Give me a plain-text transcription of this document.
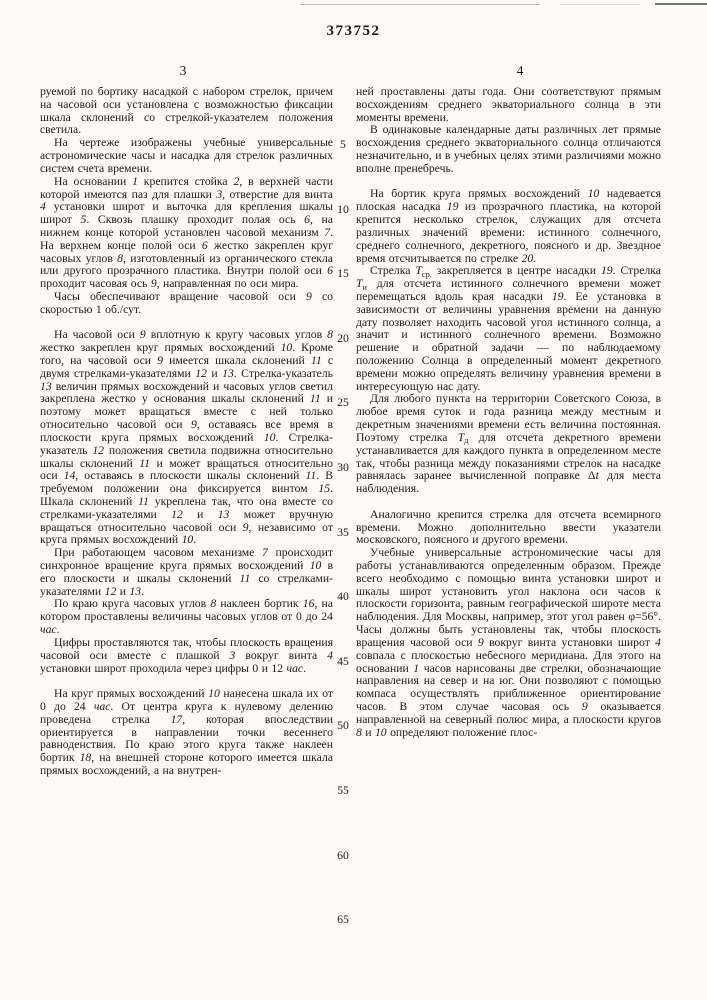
373752
3	4

руемой по бортику насадкой с набором стрелок, причем на часовой оси установлена с возможностью фиксации шкала склонений со стрелкой-указателем положения светила.

На чертеже изображены учебные универсальные астрономические часы и насадка для стрелок различных систем счета времени.

На основании 1 крепится стойка 2, в верхней части которой имеются паз для плашки 3, отверстие для винта 4 установки широт и выточка для крепления шкалы широт 5. Сквозь плашку проходит полая ось 6, на нижнем конце которой установлен часовой механизм 7. На верхнем конце полой оси 6 жестко закреплен круг часовых углов 8, изготовленный из органического стекла или другого прозрачного пластика. Внутри полой оси 6 проходит часовая ось 9, направленная по оси мира.

Часы обеспечивают вращение часовой оси 9 со скоростью 1 об./сут.

На часовой оси 9 вплотную к кругу часовых углов 8 жестко закреплен круг прямых восхождений 10. Кроме того, на часовой оси 9 имеется шкала склонений 11 с двумя стрелками-указателями 12 и 13. Стрелка-указатель 13 величин прямых восхождений и часовых углов светил закреплена жестко у основания шкалы склонений 11 и поэтому может вращаться вместе с ней только относительно часовой оси 9, оставаясь все время в плоскости круга прямых восхождений 10. Стрелка-указатель 12 положения светила подвижна относительно шкалы склонений 11 и может вращаться относительно оси 14, оставаясь в плоскости шкалы склонений 11. В требуемом положении она фиксируется винтом 15. Шкала склонений 11 укреплена так, что она вместе со стрелками-указателями 12 и 13 может вручную вращаться относительно часовой оси 9, независимо от круга прямых восхождений 10.

При работающем часовом механизме 7 происходит синхронное вращение круга прямых восхождений 10 в его плоскости и шкалы склонений 11 со стрелками-указателями 12 и 13.

По краю круга часовых углов 8 наклеен бортик 16, на котором проставлены величины часовых углов от 0 до 24 час.

Цифры проставляются так, чтобы плоскость вращения часовой оси вместе с плашкой 3 вокруг винта 4 установки широт проходила через цифры 0 и 12 час.

На круг прямых восхождений 10 нанесена шкала их от 0 до 24 час. От центра круга к нулевому делению проведена стрелка 17, которая впоследствии ориентируется в направлении точки весеннего равноденствия. По краю этого круга также наклеен бортик 18, на внешней стороне которого имеется шкала прямых восхождений, а на внутрен-

ней проставлены даты года. Они соответствуют прямым восхождениям среднего экваториального солнца в эти моменты времени.

В одинаковые календарные даты различных лет прямые восхождения среднего экваториального солнца отличаются незначительно, и в учебных целях этими различиями можно вполне пренебречь.

На бортик круга прямых восхождений 10 надевается плоская насадка 19 из прозрачного пластика, на которой крепится несколько стрелок, служащих для отсчета различных значений времени: истинного солнечного, среднего солнечного, декретного, поясного и др. Звездное время отсчитывается по стрелке 20.

Стрелка $Т_{ср.}$ закрепляется в центре насадки 19. Стрелка $Т_и$ для отсчета истинного солнечного времени может перемещаться вдоль края насадки 19. Ее установка в зависимости от величины уравнения времени на данную дату позволяет находить часовой угол истинного солнца, а значит и истинного солнечного времени. Возможно решение и обратной задачи — по наблюдаемому положению Солнца в определенный момент декретного времени можно определять величину уравнения времени в интересующую нас дату.

Для любого пункта на территории Советского Союза, в любое время суток и года разница между местным и декретным значениями времени есть величина постоянная. Поэтому стрелка $Т_д$ для отсчета декретного времени устанавливается для каждого пункта в определенном месте так, чтобы разница между показаниями стрелок на насадке равнялась заранее вычисленной поправке Δt для места наблюдения.

Аналогично крепится стрелка для отсчета всемирного времени. Можно дополнительно ввести указатели московского, поясного и другого времени.

Учебные универсальные астрономические часы для работы устанавливаются определенным образом. Прежде всего необходимо с помощью винта установки широт и шкалы широт установить угол наклона оси часов к плоскости горизонта, равным географической широте места наблюдения. Для Москвы, например, этот угол равен φ=56°. Часы должны быть установлены так, чтобы плоскость вращения часовой оси 9 вокруг винта установки широт 4 совпала с плоскостью небесного меридиана. Для этого на основании 1 часов нарисованы две стрелки, обозначающие направления на север и на юг. Они позволяют с помощью компаса осуществлять приближенное ориентирование часов. В этом случае часовая ось 9 оказывается направленной на северный полюс мира, а плоскости кругов 8 и 10 определяют положение плос-

5
10
15
20
25
30
35
40
45
50
55
60
65
